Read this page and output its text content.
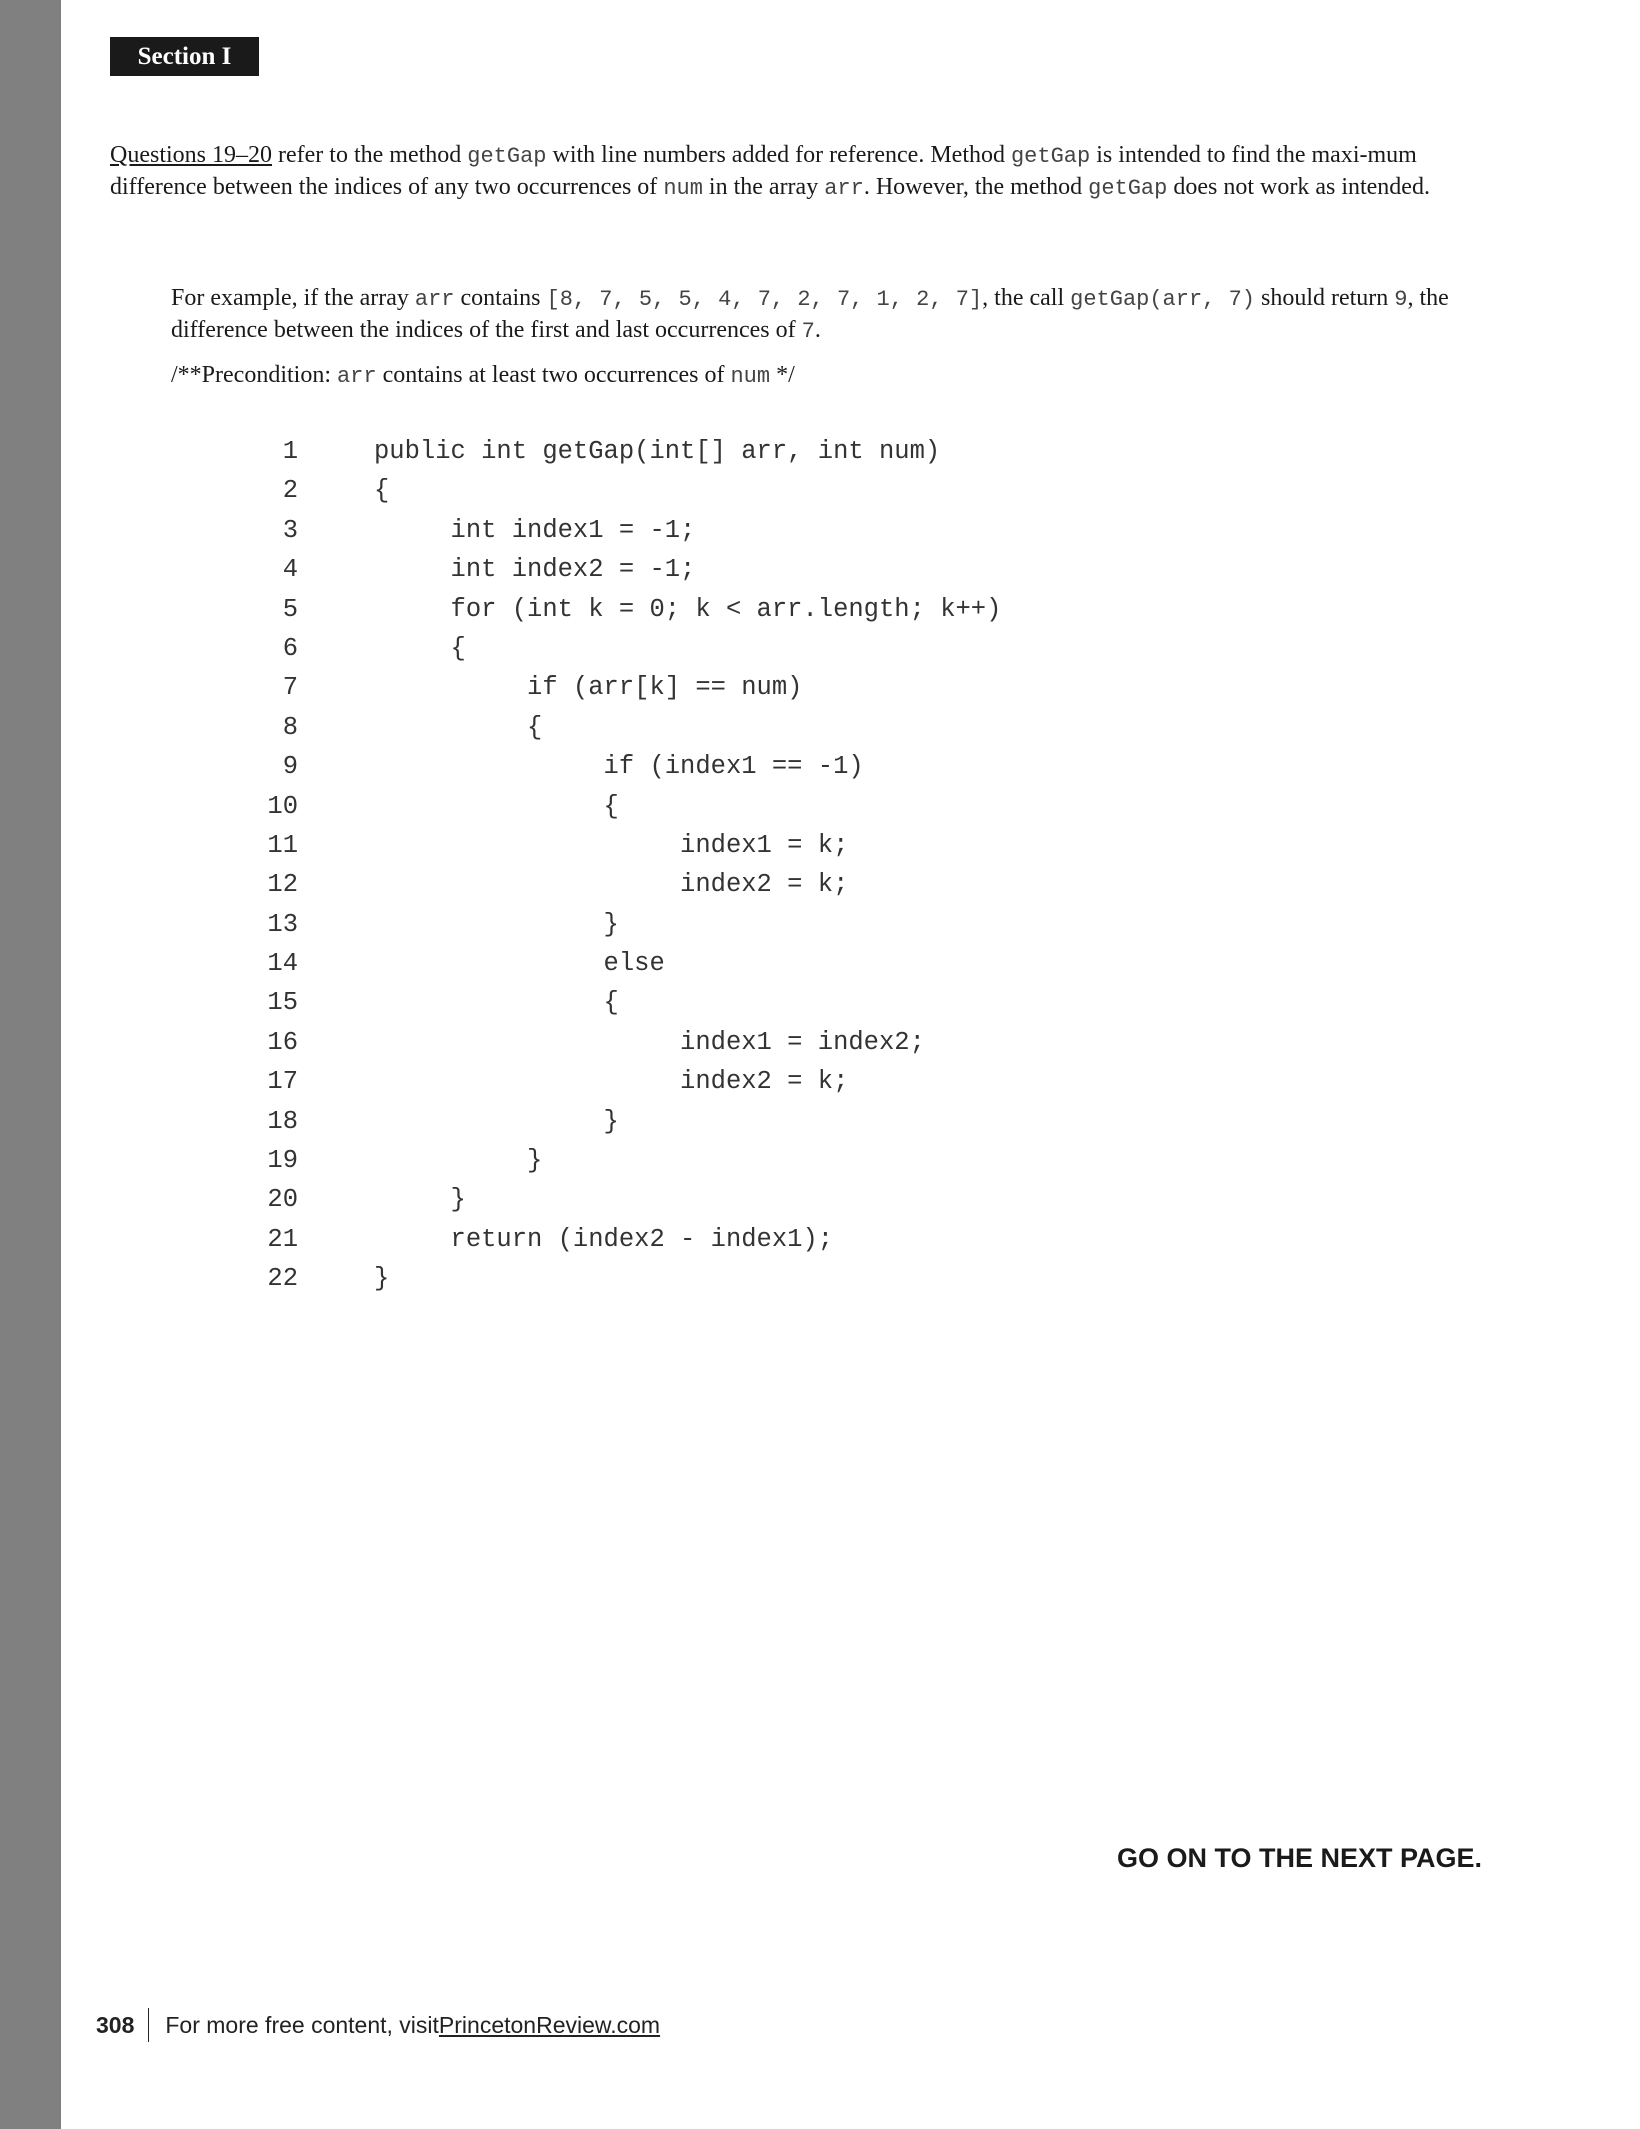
Section I
Questions 19–20 refer to the method getGap with line numbers added for reference. Method getGap is intended to find the maxi-mum difference between the indices of any two occurrences of num in the array arr. However, the method getGap does not work as intended.
For example, if the array arr contains [8, 7, 5, 5, 4, 7, 2, 7, 1, 2, 7], the call getGap(arr, 7) should return 9, the difference between the indices of the first and last occurrences of 7.
/**Precondition: arr contains at least two occurrences of num */
1	public int getGap(int[] arr, int num)
2	{
3	int index1 = -1;
4	int index2 = -1;
5	for (int k = 0; k < arr.length; k++)
6	{
7	if (arr[k] == num)
8	{
9	if (index1 == -1)
10	{
11	index1 = k;
12	index2 = k;
13	}
14	else
15	{
16	index1 = index2;
17	index2 = k;
18	}
19	}
20	}
21	return (index2 - index1);
22	}
GO ON TO THE NEXT PAGE.
308 For more free content, visit PrincetonReview.com
